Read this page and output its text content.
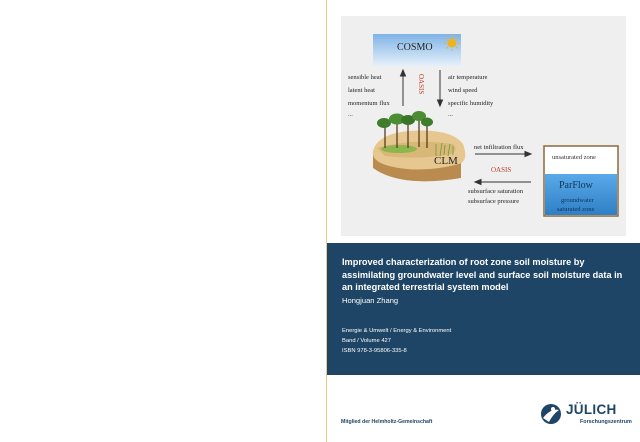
COSMO
OASIS
sensible heat
latent heat
momentum flux
...
air temperature
wind speed
specific humidity
...
CLM
net infiltration flux
OASIS
subsurface saturation
subsurface pressure
unsaturated zone
ParFlow
groundwater
saturated zone

Improved characterization of root zone soil moisture by assimilating groundwater level and surface soil moisture data in an integrated terrestrial system model

Hongjuan Zhang

Energie & Umwelt / Energy & Environment
Band / Volume 427
ISBN 978-3-95806-335-8
Mitglied der Helmholtz-Gemeinschaft
JÜLICH
Forschungszentrum
